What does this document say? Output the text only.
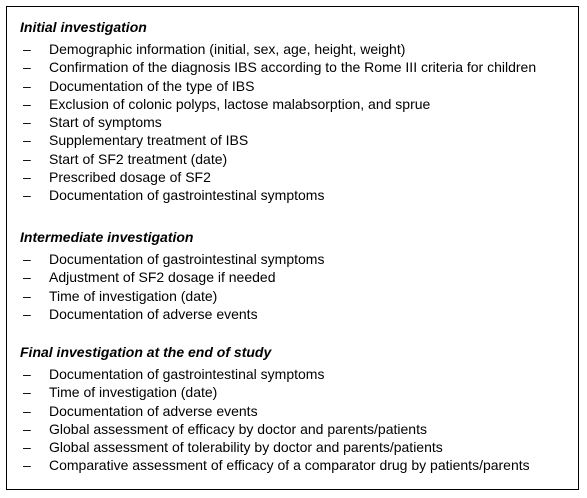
Initial investigation
– Demographic information (initial, sex, age, height, weight)
– Confirmation of the diagnosis IBS according to the Rome III criteria for children
– Documentation of the type of IBS
– Exclusion of colonic polyps, lactose malabsorption, and sprue
– Start of symptoms
– Supplementary treatment of IBS
– Start of SF2 treatment (date)
– Prescribed dosage of SF2
– Documentation of gastrointestinal symptoms
Intermediate investigation
– Documentation of gastrointestinal symptoms
– Adjustment of SF2 dosage if needed
– Time of investigation (date)
– Documentation of adverse events
Final investigation at the end of study
– Documentation of gastrointestinal symptoms
– Time of investigation (date)
– Documentation of adverse events
– Global assessment of efficacy by doctor and parents/patients
– Global assessment of tolerability by doctor and parents/patients
– Comparative assessment of efficacy of a comparator drug by patients/parents
